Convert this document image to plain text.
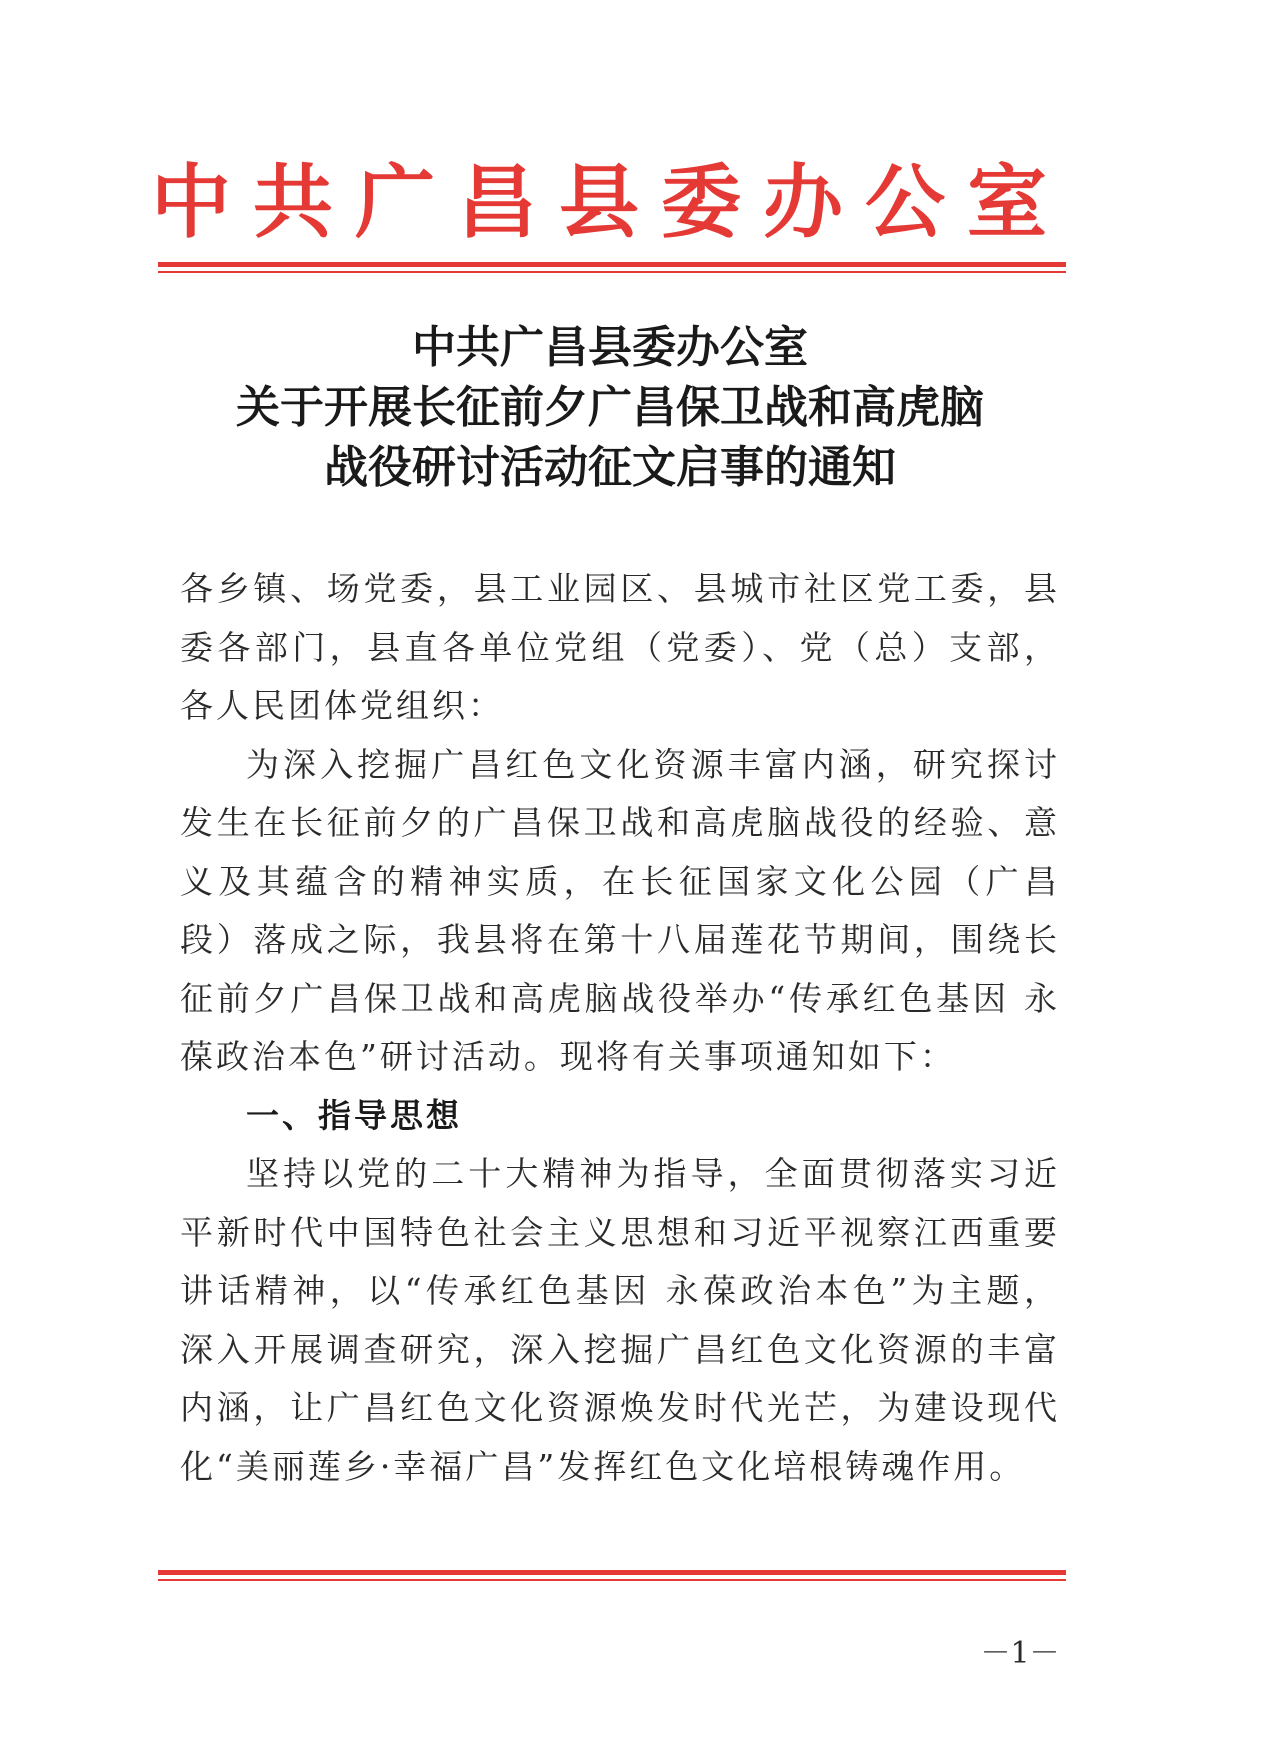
中共广昌县委办公室
中共广昌县委办公室
关于开展长征前夕广昌保卫战和高虎脑
战役研讨活动征文启事的通知

各乡镇、场党委，县工业园区、县城市社区党工委，县委各部门，县直各单位党组（党委）、党（总）支部，各人民团体党组织：

为深入挖掘广昌红色文化资源丰富内涵，研究探讨发生在长征前夕的广昌保卫战和高虎脑战役的经验、意义及其蕴含的精神实质，在长征国家文化公园（广昌段）落成之际，我县将在第十八届莲花节期间，围绕长征前夕广昌保卫战和高虎脑战役举办“传承红色基因 永葆政治本色”研讨活动。现将有关事项通知如下：

一、指导思想

坚持以党的二十大精神为指导，全面贯彻落实习近平新时代中国特色社会主义思想和习近平视察江西重要讲话精神，以“传承红色基因 永葆政治本色”为主题，深入开展调查研究，深入挖掘广昌红色文化资源的丰富内涵，让广昌红色文化资源焕发时代光芒，为建设现代化“美丽莲乡·幸福广昌”发挥红色文化培根铸魂作用。

－1－
